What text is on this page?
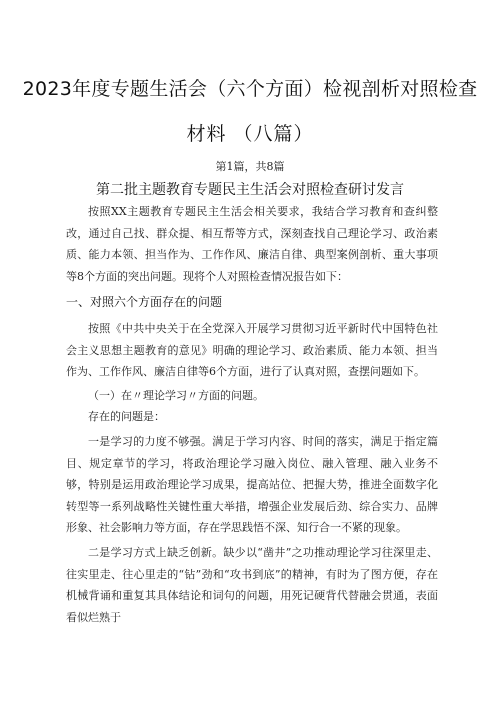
2023年度专题生活会（六个方面）检视剖析对照检查
材料 （八篇）
第1篇，共8篇
第二批主题教育专题民主生活会对照检查研讨发言
按照XX主题教育专题民主生活会相关要求，我结合学习教育和查纠整改，通过自己找、群众提、相互帮等方式，深刻查找自己理论学习、政治素质、能力本领、担当作为、工作作风、廉洁自律、典型案例剖析、重大事项等8个方面的突出问题。现将个人对照检查情况报告如下：
一、对照六个方面存在的问题
按照《中共中央关于在全党深入开展学习贯彻习近平新时代中国特色社会主义思想主题教育的意见》明确的理论学习、政治素质、能力本领、担当作为、工作作风、廉洁自律等6个方面，进行了认真对照，查摆问题如下。
（一）在〃理论学习〃方面的问题。
存在的问题是：
一是学习的力度不够强。满足于学习内容、时间的落实，满足于指定篇目、规定章节的学习，将政治理论学习融入岗位、融入管理、融入业务不够，特别是运用政治理论学习成果，提高站位、把握大势，推进全面数字化转型等一系列战略性关键性重大举措，增强企业发展后劲、综合实力、品牌形象、社会影响力等方面，存在学思践悟不深、知行合一不紧的现象。
二是学习方式上缺乏创新。缺少以“凿井”之功推动理论学习往深里走、往实里走、往心里走的“钻”劲和“攻书到底”的精神，有时为了图方便，存在机械背诵和重复其具体结论和词句的问题，用死记硬背代替融会贯通，表面看似烂熟于
